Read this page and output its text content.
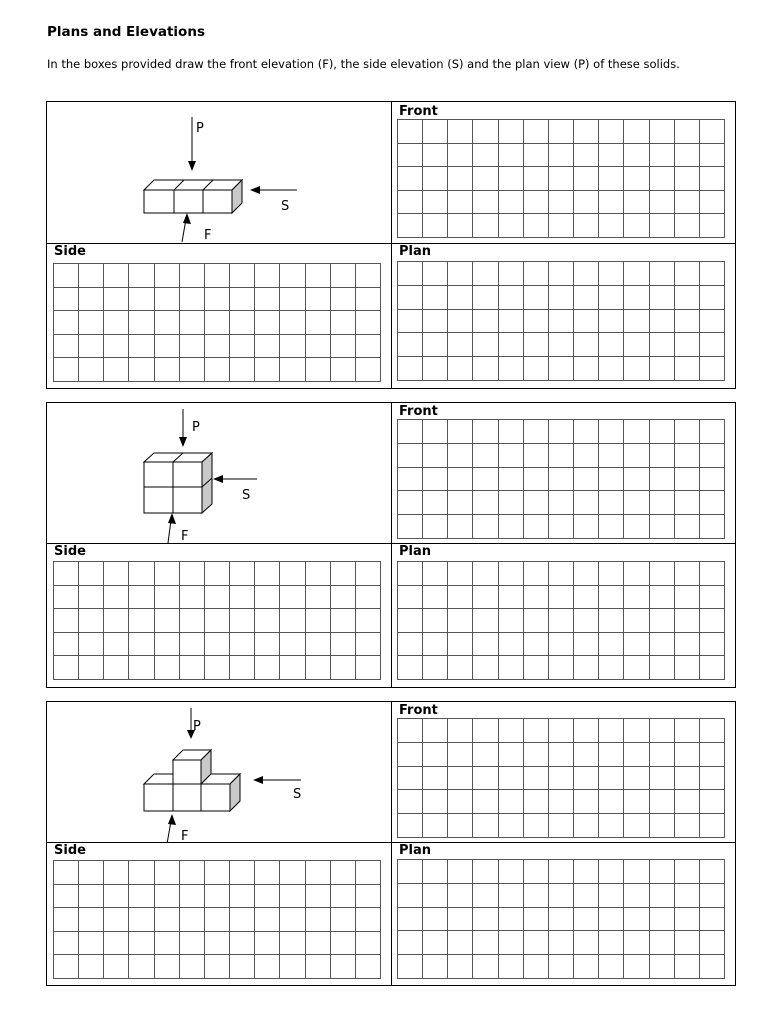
Plans and Elevations

In the boxes provided draw the front elevation (F), the side elevation (S) and the plan view (P) of these solids.

P
S
F
Front
Side	Plan
P
S
F
Front
Side	Plan
P
S
F
Front
Side	Plan
